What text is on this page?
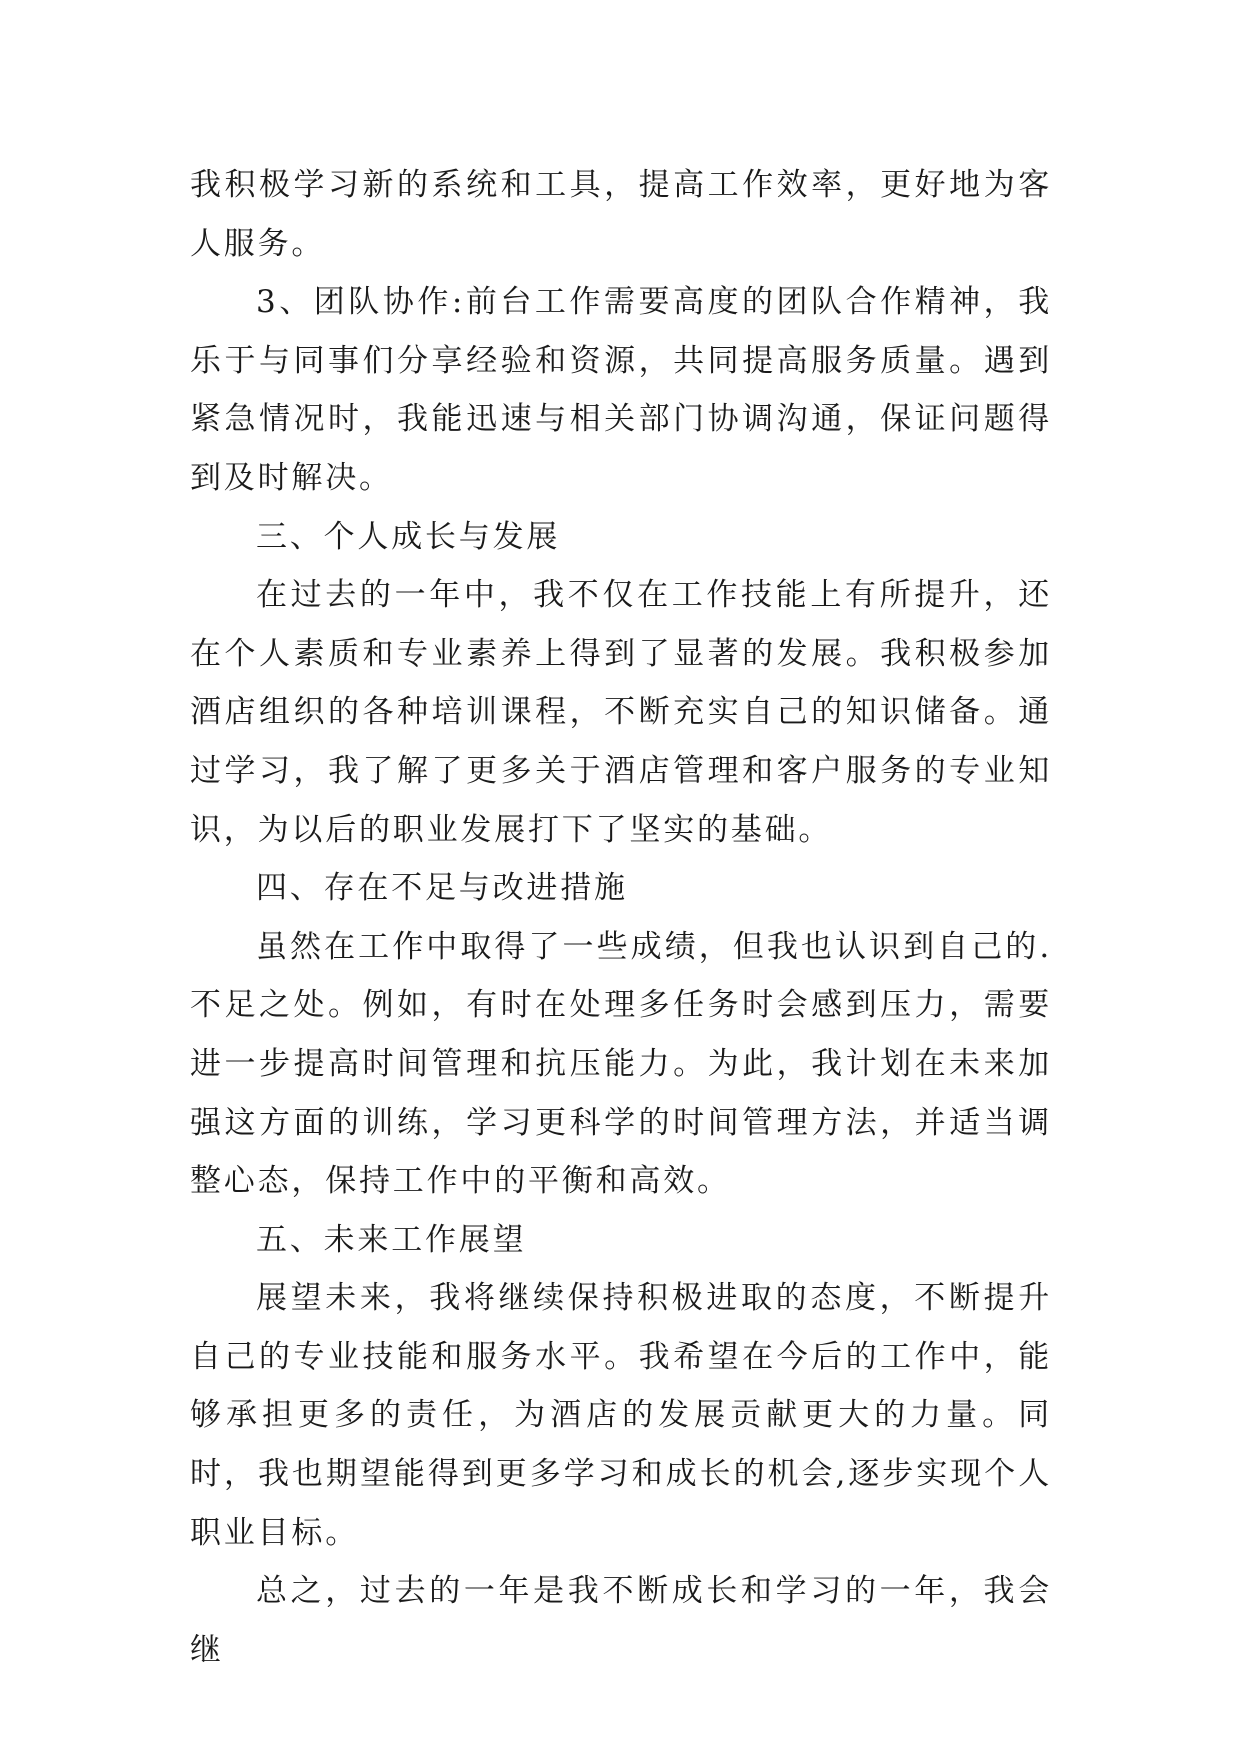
我积极学习新的系统和工具，提高工作效率，更好地为客人服务。

3、团队协作:前台工作需要高度的团队合作精神，我乐于与同事们分享经验和资源，共同提高服务质量。遇到紧急情况时，我能迅速与相关部门协调沟通，保证问题得到及时解决。

三、个人成长与发展

在过去的一年中，我不仅在工作技能上有所提升，还在个人素质和专业素养上得到了显著的发展。我积极参加酒店组织的各种培训课程，不断充实自己的知识储备。通过学习，我了解了更多关于酒店管理和客户服务的专业知识，为以后的职业发展打下了坚实的基础。

四、存在不足与改进措施

虽然在工作中取得了一些成绩，但我也认识到自己的.不足之处。例如，有时在处理多任务时会感到压力，需要进一步提高时间管理和抗压能力。为此，我计划在未来加强这方面的训练，学习更科学的时间管理方法，并适当调整心态，保持工作中的平衡和高效。

五、未来工作展望

展望未来，我将继续保持积极进取的态度，不断提升自己的专业技能和服务水平。我希望在今后的工作中，能够承担更多的责任，为酒店的发展贡献更大的力量。同时，我也期望能得到更多学习和成长的机会,逐步实现个人职业目标。

总之，过去的一年是我不断成长和学习的一年，我会继
